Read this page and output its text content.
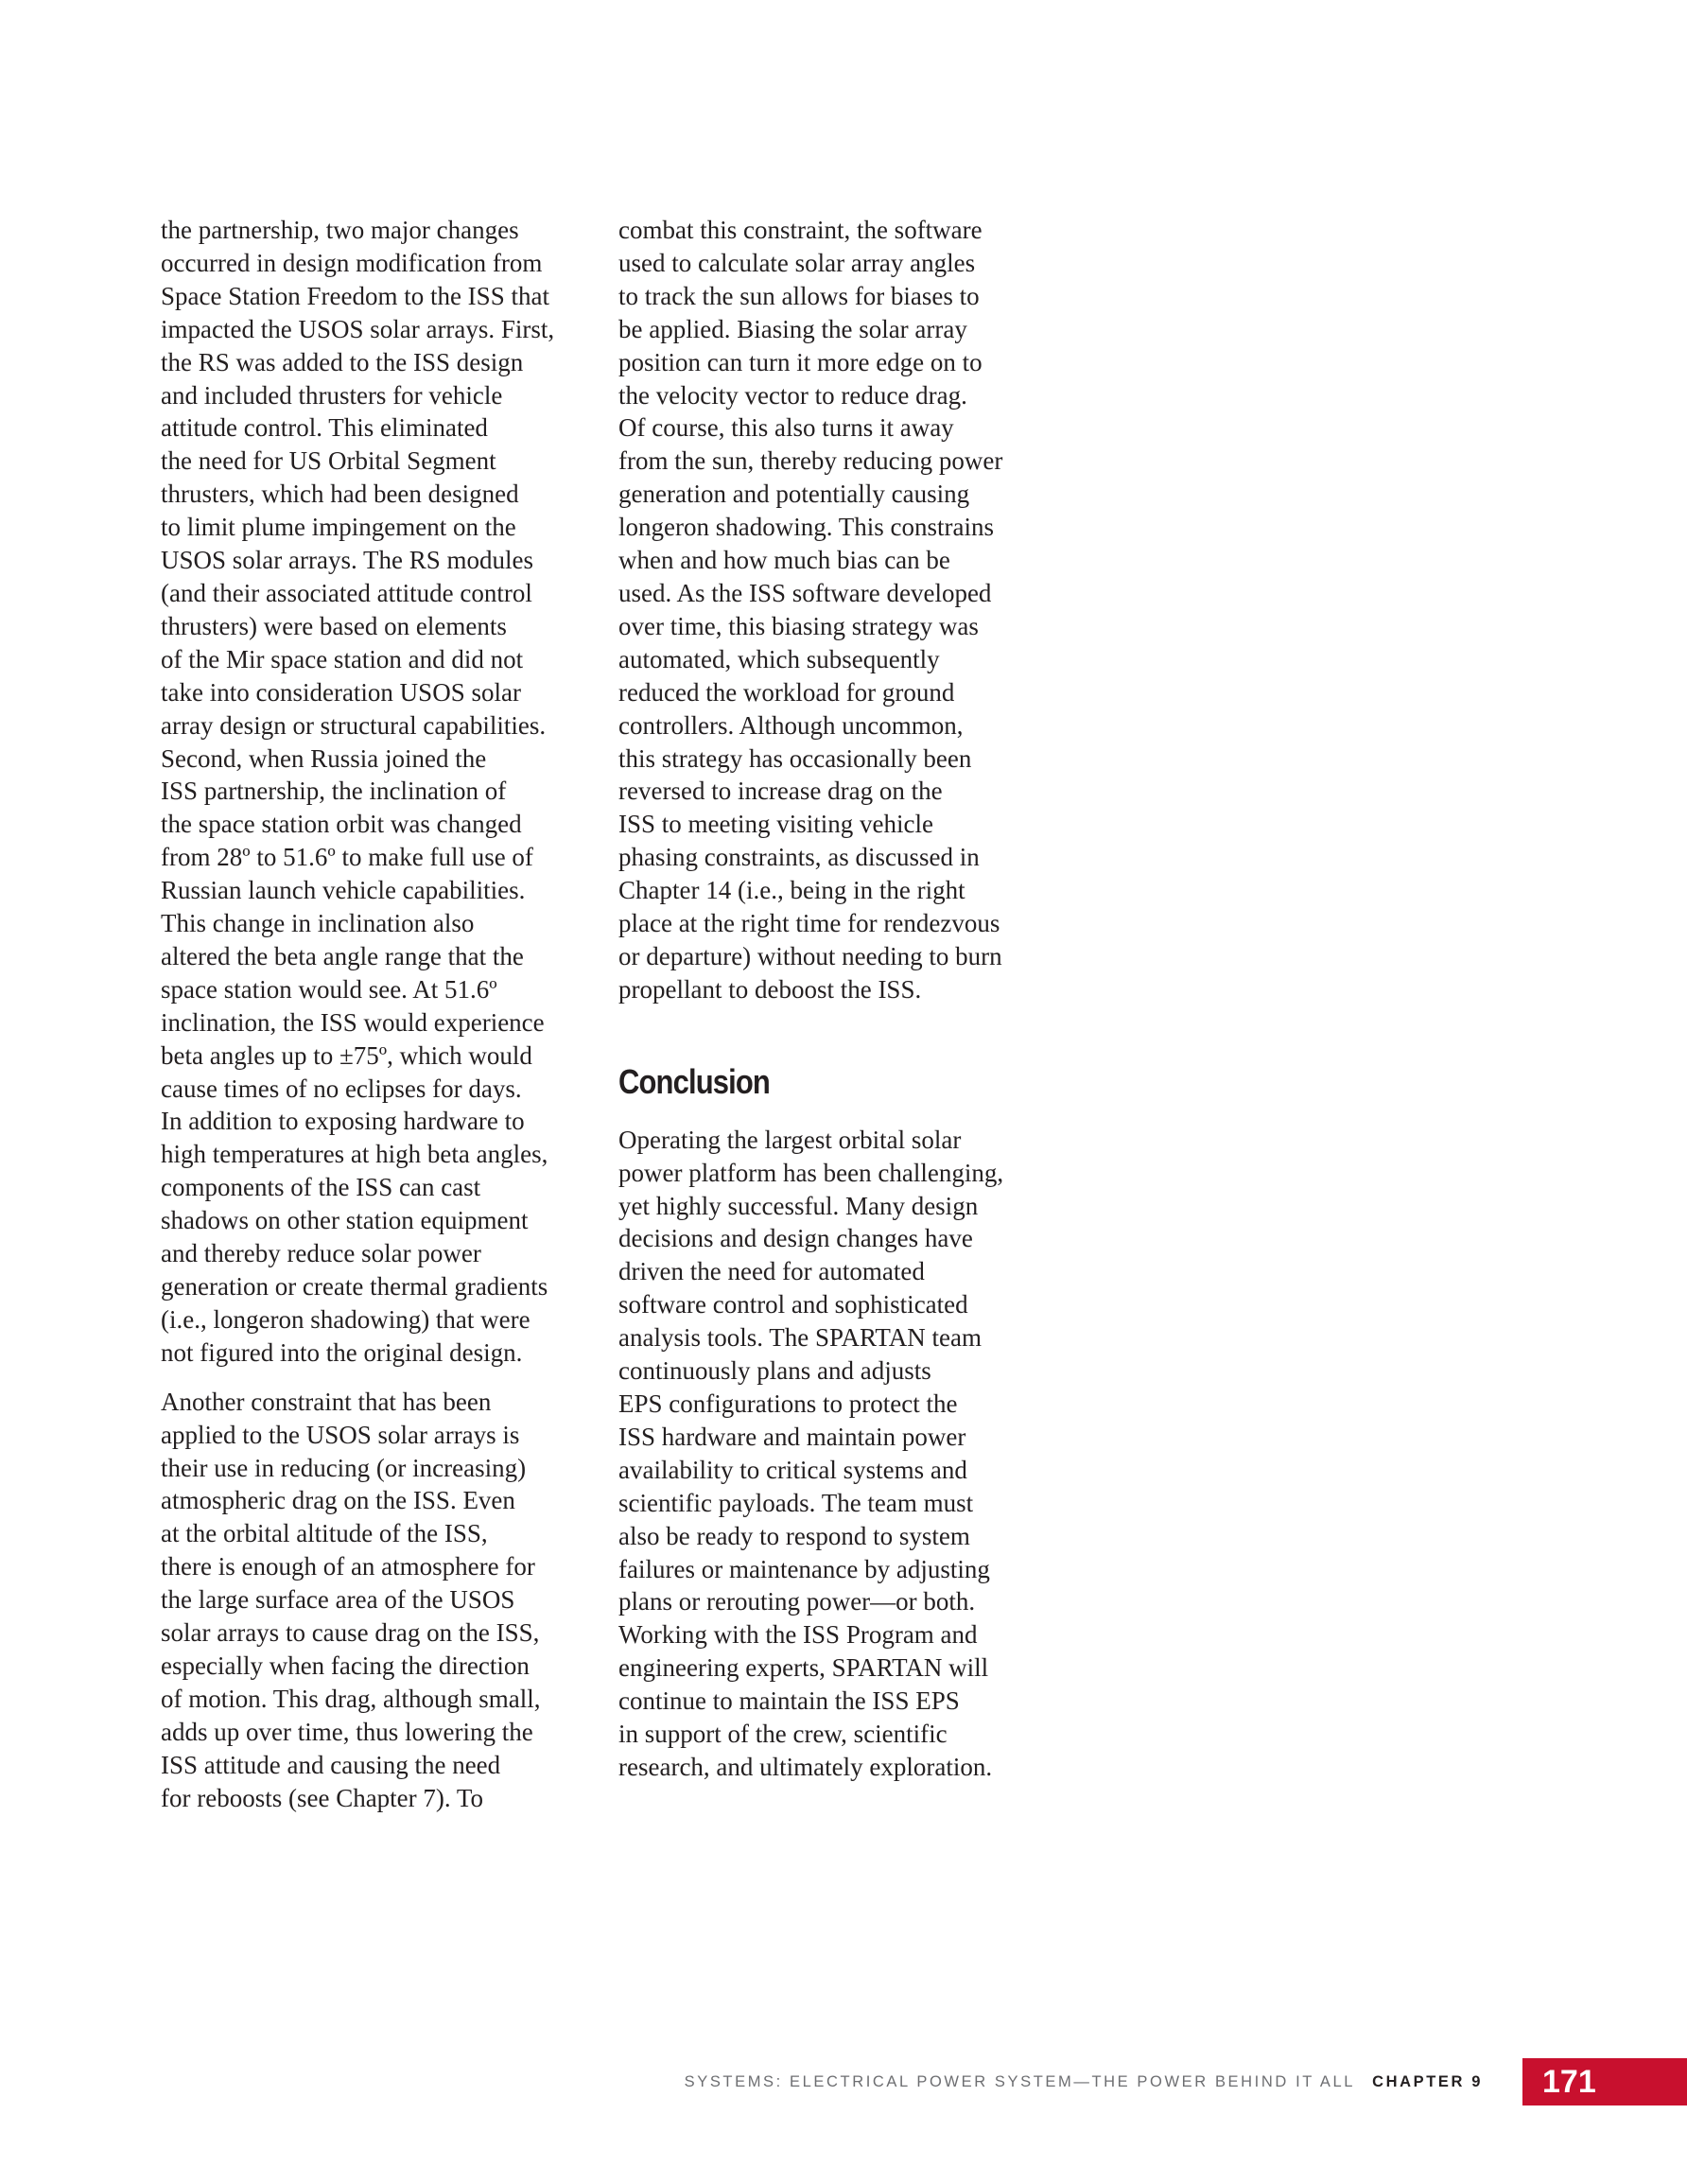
the partnership, two major changes
occurred in design modification from
Space Station Freedom to the ISS that
impacted the USOS solar arrays. First,
the RS was added to the ISS design
and included thrusters for vehicle
attitude control. This eliminated
the need for US Orbital Segment
thrusters, which had been designed
to limit plume impingement on the
USOS solar arrays. The RS modules
(and their associated attitude control
thrusters) were based on elements
of the Mir space station and did not
take into consideration USOS solar
array design or structural capabilities.
Second, when Russia joined the
ISS partnership, the inclination of
the space station orbit was changed
from 28º to 51.6º to make full use of
Russian launch vehicle capabilities.
This change in inclination also
altered the beta angle range that the
space station would see. At 51.6º
inclination, the ISS would experience
beta angles up to ±75º, which would
cause times of no eclipses for days.
In addition to exposing hardware to
high temperatures at high beta angles,
components of the ISS can cast
shadows on other station equipment
and thereby reduce solar power
generation or create thermal gradients
(i.e., longeron shadowing) that were
not figured into the original design.
Another constraint that has been
applied to the USOS solar arrays is
their use in reducing (or increasing)
atmospheric drag on the ISS. Even
at the orbital altitude of the ISS,
there is enough of an atmosphere for
the large surface area of the USOS
solar arrays to cause drag on the ISS,
especially when facing the direction
of motion. This drag, although small,
adds up over time, thus lowering the
ISS attitude and causing the need
for reboosts (see Chapter 7). To
combat this constraint, the software
used to calculate solar array angles
to track the sun allows for biases to
be applied. Biasing the solar array
position can turn it more edge on to
the velocity vector to reduce drag.
Of course, this also turns it away
from the sun, thereby reducing power
generation and potentially causing
longeron shadowing. This constrains
when and how much bias can be
used. As the ISS software developed
over time, this biasing strategy was
automated, which subsequently
reduced the workload for ground
controllers. Although uncommon,
this strategy has occasionally been
reversed to increase drag on the
ISS to meeting visiting vehicle
phasing constraints, as discussed in
Chapter 14 (i.e., being in the right
place at the right time for rendezvous
or departure) without needing to burn
propellant to deboost the ISS.
Conclusion
Operating the largest orbital solar
power platform has been challenging,
yet highly successful. Many design
decisions and design changes have
driven the need for automated
software control and sophisticated
analysis tools. The SPARTAN team
continuously plans and adjusts
EPS configurations to protect the
ISS hardware and maintain power
availability to critical systems and
scientific payloads. The team must
also be ready to respond to system
failures or maintenance by adjusting
plans or rerouting power—or both.
Working with the ISS Program and
engineering experts, SPARTAN will
continue to maintain the ISS EPS
in support of the crew, scientific
research, and ultimately exploration.
SYSTEMS: ELECTRICAL POWER SYSTEM—THE POWER BEHIND IT ALL CHAPTER 9	171
